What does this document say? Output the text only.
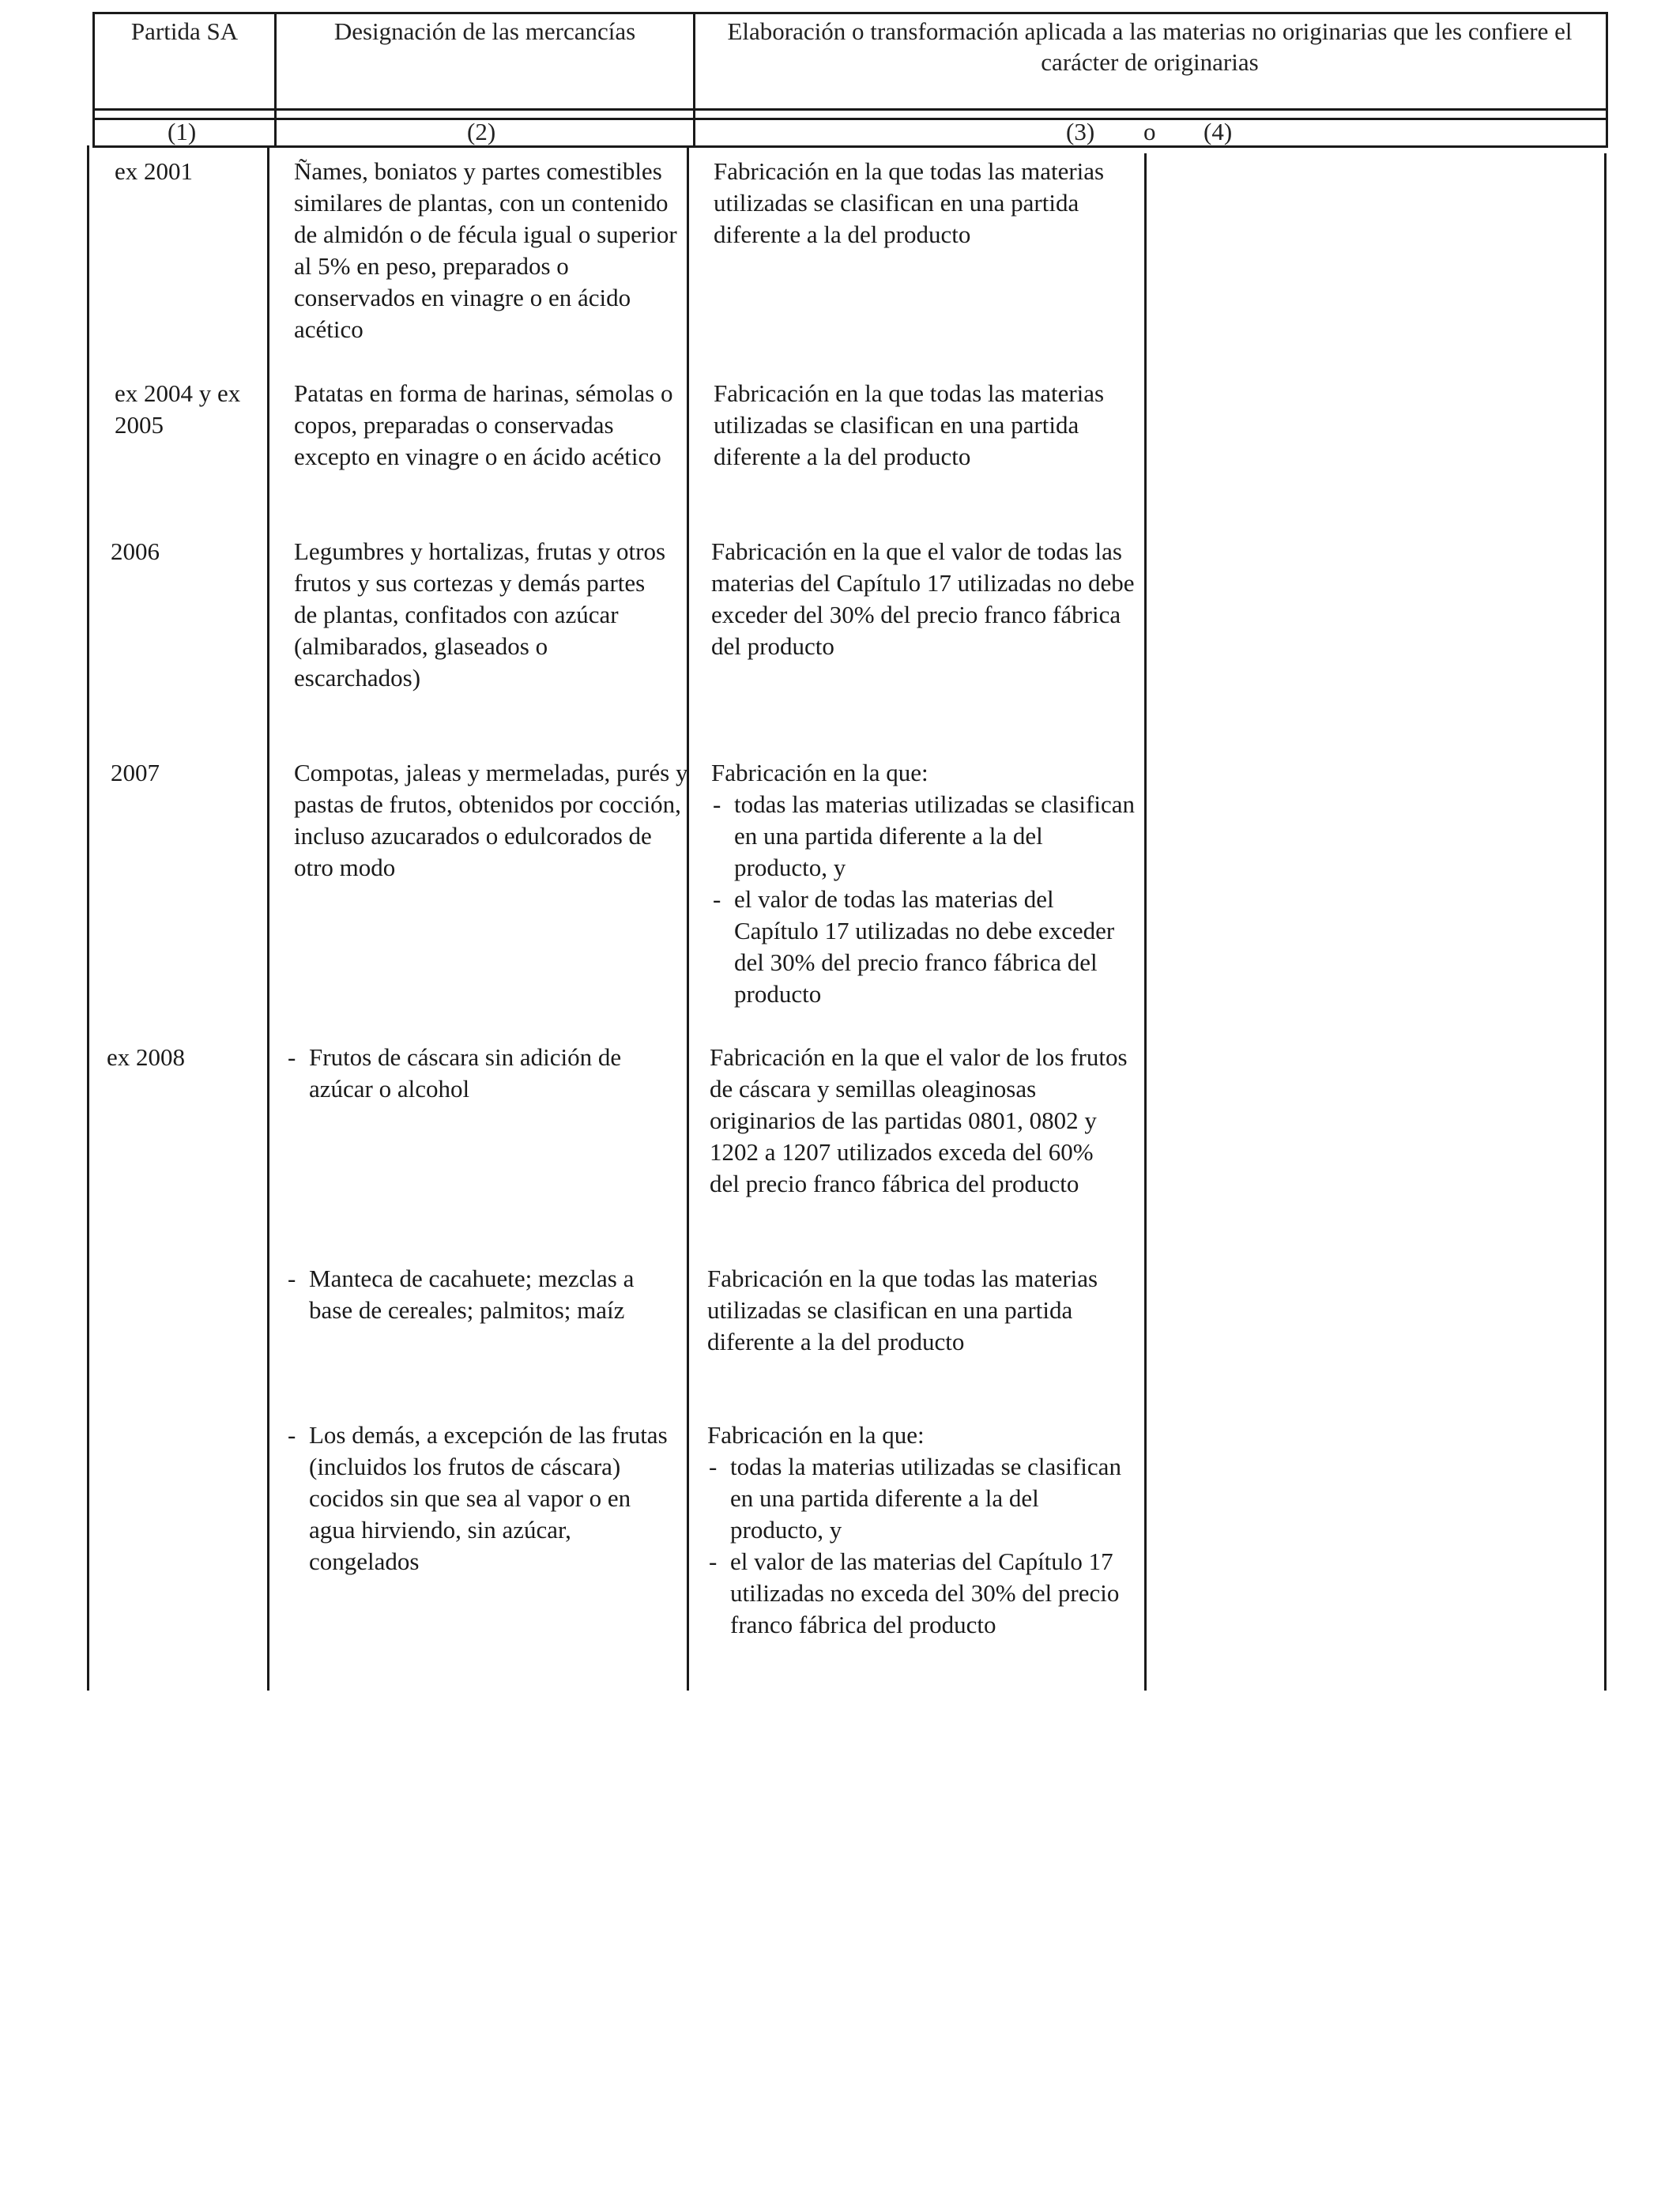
Partida SA	Designación de las mercancías	Elaboración o transformación aplicada a las materias no originarias que les confiere el carácter de originarias
(1)	(2)	(3) o (4)
ex 2001	Ñames, boniatos y partes comestibles similares de plantas, con un contenido de almidón o de fécula igual o superior al 5% en peso, preparados o conservados en vinagre o en ácido acético
Fabricación en la que todas las materias utilizadas se clasifican en una partida diferente a la del producto
ex 2004 y ex 2005
Patatas en forma de harinas, sémolas o copos, preparadas o conservadas excepto en vinagre o en ácido acético
Fabricación en la que todas las materias utilizadas se clasifican en una partida diferente a la del producto
2006	Legumbres y hortalizas, frutas y otros frutos y sus cortezas y demás partes de plantas, confitados con azúcar (almibarados, glaseados o escarchados)
Fabricación en la que el valor de todas las materias del Capítulo 17 utilizadas no debe exceder del 30% del precio franco fábrica del producto
2007	Compotas, jaleas y mermeladas, purés y pastas de frutos, obtenidos por cocción, incluso azucarados o edulcorados de otro modo

Fabricación en la que:

- todas las materias utilizadas se clasifican en una partida diferente a la del producto, y
- el valor de todas las materias del Capítulo 17 utilizadas no debe exceder del 30% del precio franco fábrica del producto
ex 2008
-	Frutos de cáscara sin adición de azúcar o alcohol
Fabricación en la que el valor de los frutos de cáscara y semillas oleaginosas originarios de las partidas 0801, 0802 y 1202 a 1207 utilizados exceda del 60% del precio franco fábrica del producto
- Manteca de cacahuete; mezclas a base de cereales; palmitos; maíz
Fabricación en la que todas las materias utilizadas se clasifican en una partida diferente a la del producto
- Los demás, a excepción de las frutas (incluidos los frutos de cáscara) cocidos sin que sea al vapor o en agua hirviendo, sin azúcar, congelados

Fabricación en la que:

- todas la materias utilizadas se clasifican en una partida diferente a la del producto, y
- el valor de las materias del Capítulo 17 utilizadas no exceda del 30% del precio franco fábrica del producto
